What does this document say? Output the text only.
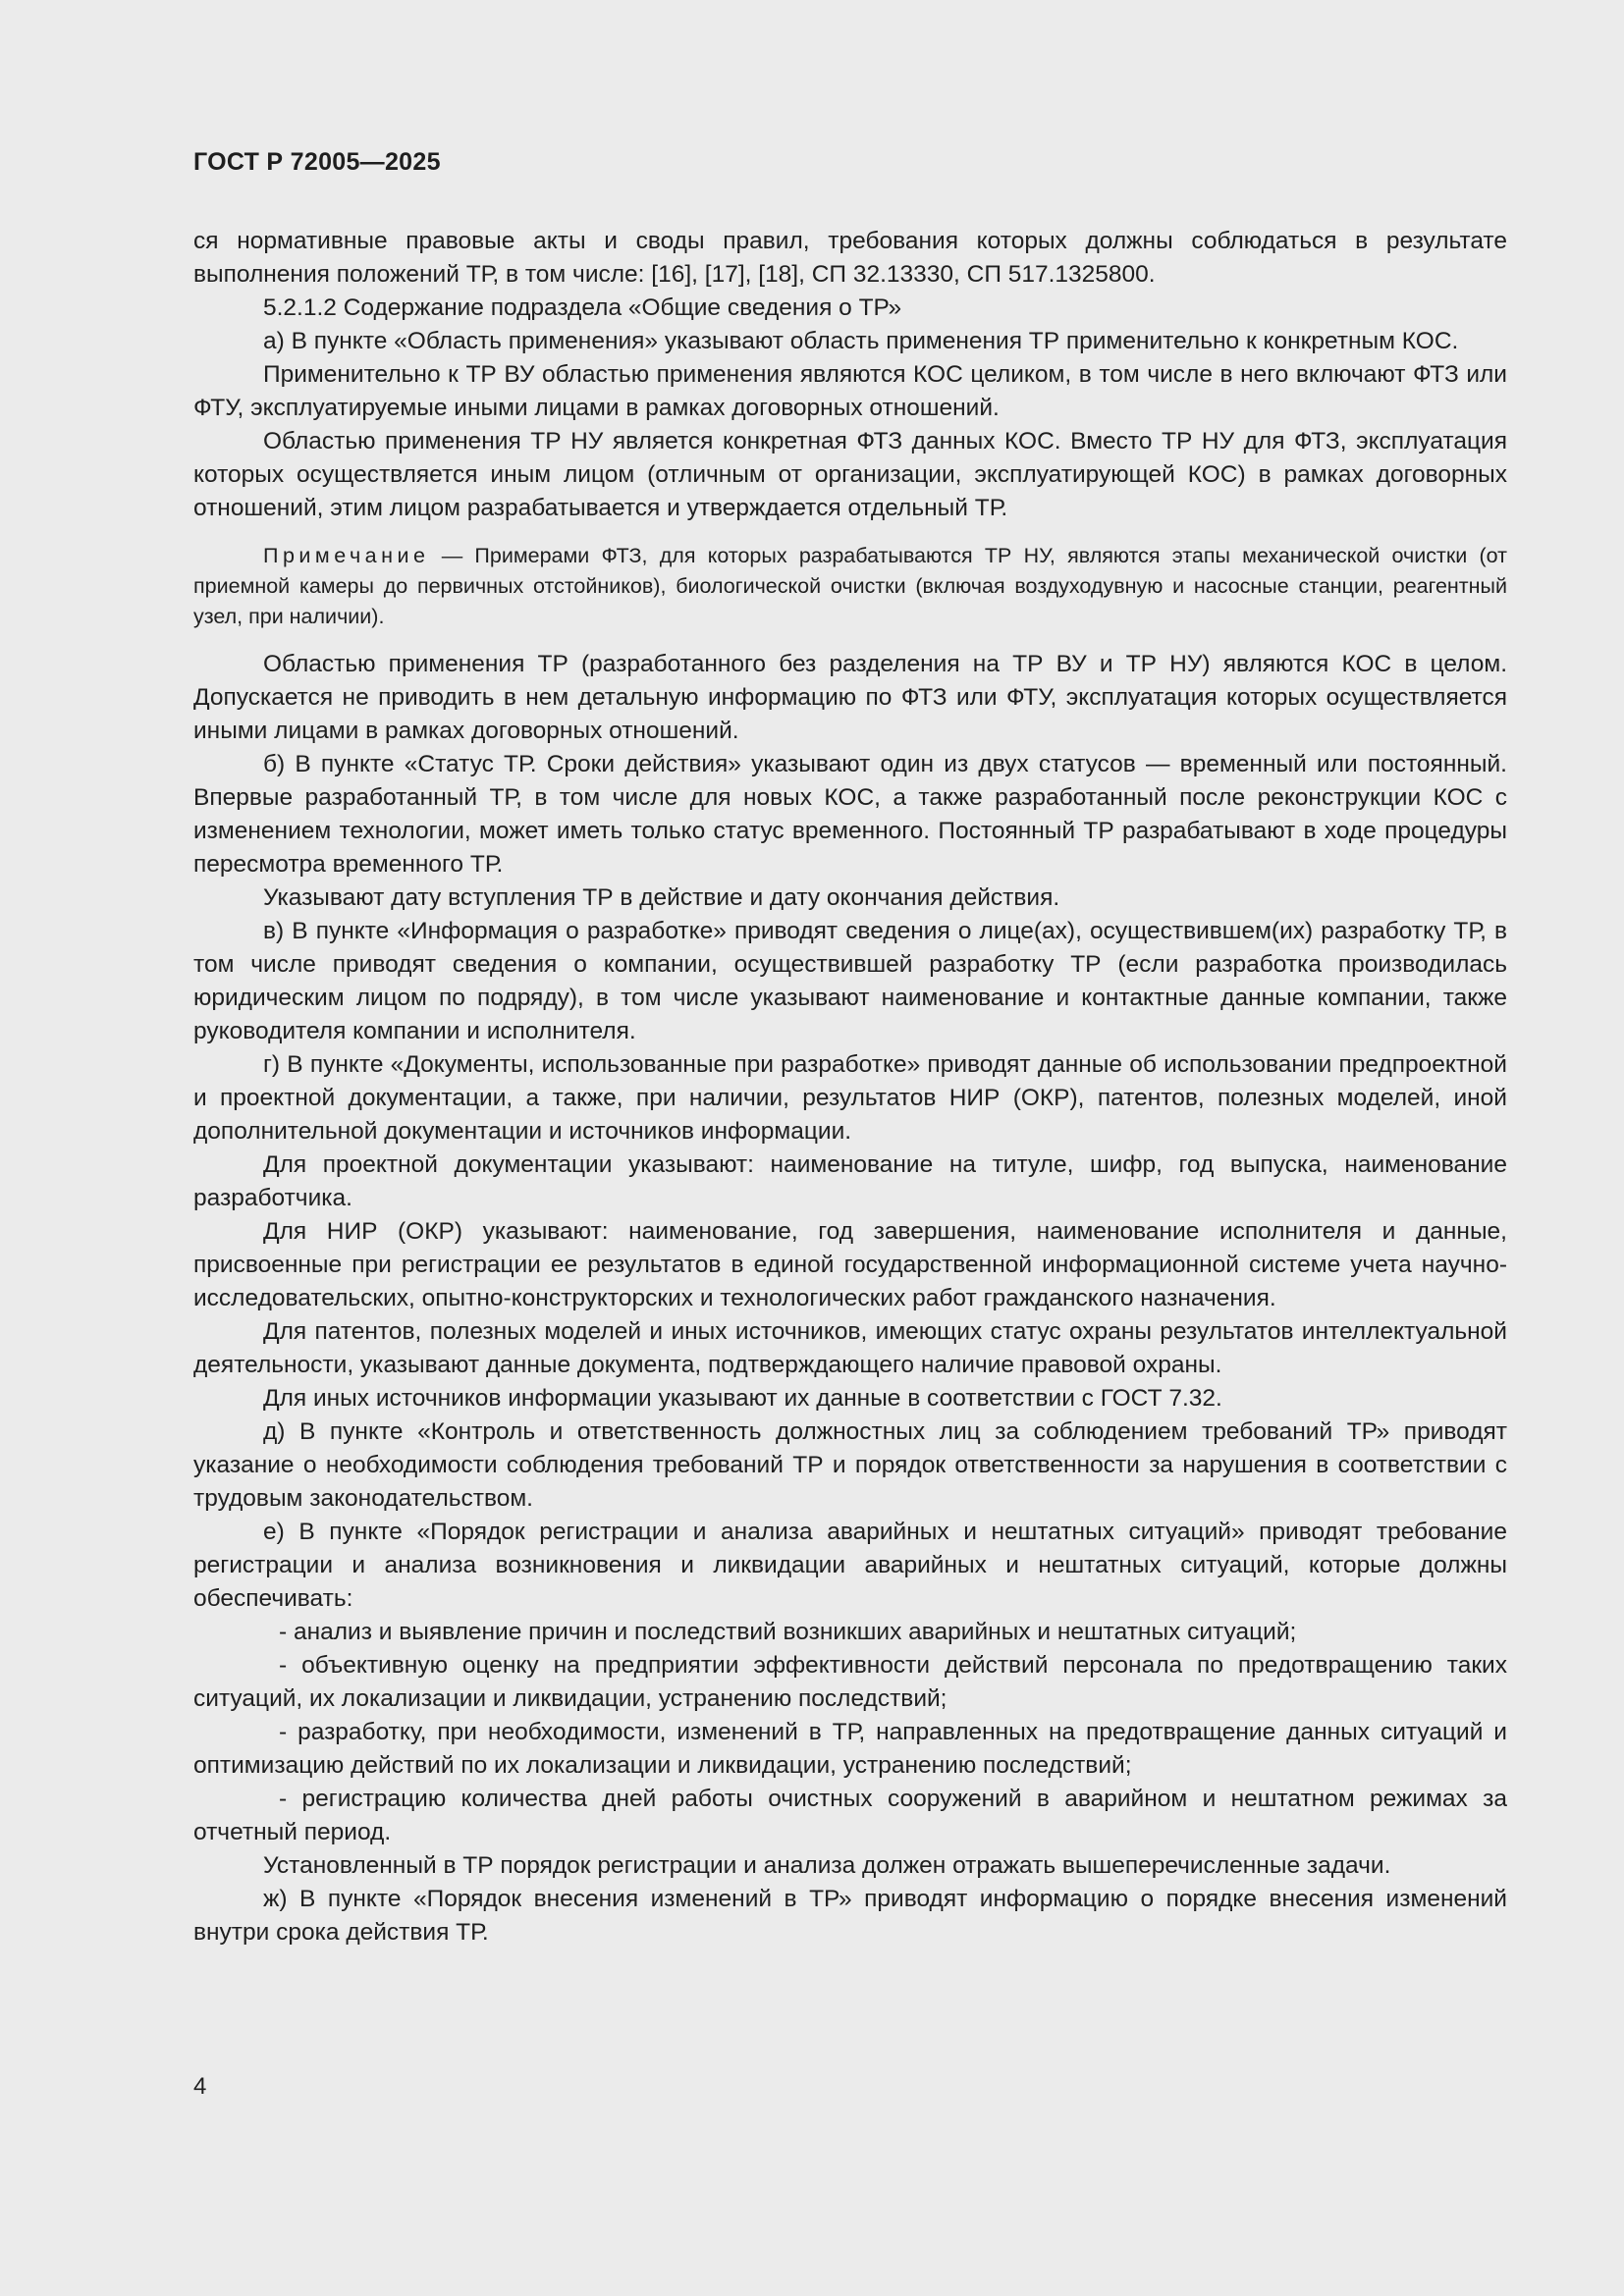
ГОСТ Р 72005—2025

ся нормативные правовые акты и своды правил, требования которых должны соблюдаться в результате выполнения положений ТР, в том числе: [16], [17], [18], СП 32.13330, СП 517.1325800.

5.2.1.2 Содержание подраздела «Общие сведения о ТР»

а) В пункте «Область применения» указывают область применения ТР применительно к конкретным КОС.

Применительно к ТР ВУ областью применения являются КОС целиком, в том числе в него включают ФТЗ или ФТУ, эксплуатируемые иными лицами в рамках договорных отношений.

Областью применения ТР НУ является конкретная ФТЗ данных КОС. Вместо ТР НУ для ФТЗ, эксплуатация которых осуществляется иным лицом (отличным от организации, эксплуатирующей КОС) в рамках договорных отношений, этим лицом разрабатывается и утверждается отдельный ТР.

Примечание — Примерами ФТЗ, для которых разрабатываются ТР НУ, являются этапы механической очистки (от приемной камеры до первичных отстойников), биологической очистки (включая воздуходувную и насосные станции, реагентный узел, при наличии).

Областью применения ТР (разработанного без разделения на ТР ВУ и ТР НУ) являются КОС в целом. Допускается не приводить в нем детальную информацию по ФТЗ или ФТУ, эксплуатация которых осуществляется иными лицами в рамках договорных отношений.

б) В пункте «Статус ТР. Сроки действия» указывают один из двух статусов — временный или постоянный. Впервые разработанный ТР, в том числе для новых КОС, а также разработанный после реконструкции КОС с изменением технологии, может иметь только статус временного. Постоянный ТР разрабатывают в ходе процедуры пересмотра временного ТР.

Указывают дату вступления ТР в действие и дату окончания действия.

в) В пункте «Информация о разработке» приводят сведения о лице(ах), осуществившем(их) разработку ТР, в том числе приводят сведения о компании, осуществившей разработку ТР (если разработка производилась юридическим лицом по подряду), в том числе указывают наименование и контактные данные компании, также руководителя компании и исполнителя.

г) В пункте «Документы, использованные при разработке» приводят данные об использовании предпроектной и проектной документации, а также, при наличии, результатов НИР (ОКР), патентов, полезных моделей, иной дополнительной документации и источников информации.

Для проектной документации указывают: наименование на титуле, шифр, год выпуска, наименование разработчика.

Для НИР (ОКР) указывают: наименование, год завершения, наименование исполнителя и данные, присвоенные при регистрации ее результатов в единой государственной информационной системе учета научно-исследовательских, опытно-конструкторских и технологических работ гражданского назначения.

Для патентов, полезных моделей и иных источников, имеющих статус охраны результатов интеллектуальной деятельности, указывают данные документа, подтверждающего наличие правовой охраны.

Для иных источников информации указывают их данные в соответствии с ГОСТ 7.32.

д) В пункте «Контроль и ответственность должностных лиц за соблюдением требований ТР» приводят указание о необходимости соблюдения требований ТР и порядок ответственности за нарушения в соответствии с трудовым законодательством.

е) В пункте «Порядок регистрации и анализа аварийных и нештатных ситуаций» приводят требование регистрации и анализа возникновения и ликвидации аварийных и нештатных ситуаций, которые должны обеспечивать:

- анализ и выявление причин и последствий возникших аварийных и нештатных ситуаций;

- объективную оценку на предприятии эффективности действий персонала по предотвращению таких ситуаций, их локализации и ликвидации, устранению последствий;

- разработку, при необходимости, изменений в ТР, направленных на предотвращение данных ситуаций и оптимизацию действий по их локализации и ликвидации, устранению последствий;

- регистрацию количества дней работы очистных сооружений в аварийном и нештатном режимах за отчетный период.

Установленный в ТР порядок регистрации и анализа должен отражать вышеперечисленные задачи.

ж) В пункте «Порядок внесения изменений в ТР» приводят информацию о порядке внесения изменений внутри срока действия ТР.

4
